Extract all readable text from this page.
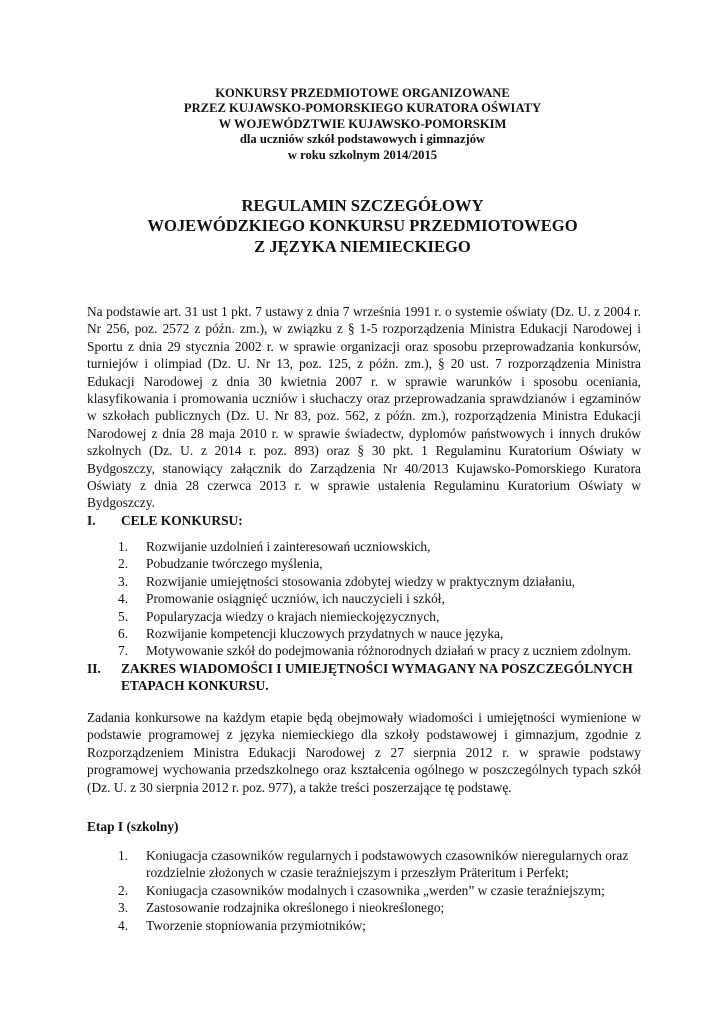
KONKURSY PRZEDMIOTOWE ORGANIZOWANE
PRZEZ KUJAWSKO-POMORSKIEGO KURATORA OŚWIATY
W WOJEWÓDZTWIE KUJAWSKO-POMORSKIM
dla uczniów szkół podstawowych i gimnazjów
w roku szkolnym 2014/2015
REGULAMIN SZCZEGÓŁOWY
WOJEWÓDZKIEGO KONKURSU PRZEDMIOTOWEGO
Z JĘZYKA NIEMIECKIEGO

Na podstawie art. 31 ust 1 pkt. 7 ustawy z dnia 7 września 1991 r. o systemie oświaty (Dz. U. z 2004 r. Nr 256, poz. 2572 z późn. zm.), w związku z § 1-5 rozporządzenia Ministra Edukacji Narodowej i Sportu z dnia 29 stycznia 2002 r. w sprawie organizacji oraz sposobu przeprowadzania konkursów, turniejów i olimpiad (Dz. U. Nr 13, poz. 125, z późn. zm.), § 20 ust. 7 rozporządzenia Ministra Edukacji Narodowej z dnia 30 kwietnia 2007 r. w sprawie warunków i sposobu oceniania, klasyfikowania i promowania uczniów i słuchaczy oraz przeprowadzania sprawdzianów i egzaminów w szkołach publicznych (Dz. U. Nr 83, poz. 562, z późn. zm.), rozporządzenia Ministra Edukacji Narodowej z dnia 28 maja 2010 r. w sprawie świadectw, dyplomów państwowych i innych druków szkolnych (Dz. U. z 2014 r. poz. 893) oraz § 30 pkt. 1 Regulaminu Kuratorium Oświaty w Bydgoszczy, stanowiący załącznik do Zarządzenia Nr 40/2013 Kujawsko-Pomorskiego Kuratora Oświaty z dnia 28 czerwca 2013 r. w sprawie ustalenia Regulaminu Kuratorium Oświaty w Bydgoszczy.

I. CELE KONKURSU:
1. Rozwijanie uzdolnień i zainteresowań uczniowskich,
2. Pobudzanie twórczego myślenia,
3. Rozwijanie umiejętności stosowania zdobytej wiedzy w praktycznym działaniu,
4. Promowanie osiągnięć uczniów, ich nauczycieli i szkół,
5. Popularyzacja wiedzy o krajach niemieckojęzycznych,
6. Rozwijanie kompetencji kluczowych przydatnych w nauce języka,
7. Motywowanie szkół do podejmowania różnorodnych działań w pracy z uczniem zdolnym.
II. ZAKRES WIADOMOŚCI I UMIEJĘTNOŚCI WYMAGANY NA POSZCZEGÓLNYCH ETAPACH KONKURSU.

Zadania konkursowe na każdym etapie będą obejmowały wiadomości i umiejętności wymienione w podstawie programowej z języka niemieckiego dla szkoły podstawowej i gimnazjum, zgodnie z Rozporządzeniem Ministra Edukacji Narodowej z 27 sierpnia 2012 r. w sprawie podstawy programowej wychowania przedszkolnego oraz kształcenia ogólnego w poszczególnych typach szkół (Dz. U. z 30 sierpnia 2012 r. poz. 977), a także treści poszerzające tę podstawę.

Etap I (szkolny)
1. Koniugacja czasowników regularnych i podstawowych czasowników nieregularnych oraz rozdzielnie złożonych w czasie teraźniejszym i przeszłym Präteritum i Perfekt;
2. Koniugacja czasowników modalnych i czasownika „werden” w czasie teraźniejszym;
3. Zastosowanie rodzajnika określonego i nieokreślonego;
4. Tworzenie stopniowania przymiotników;
